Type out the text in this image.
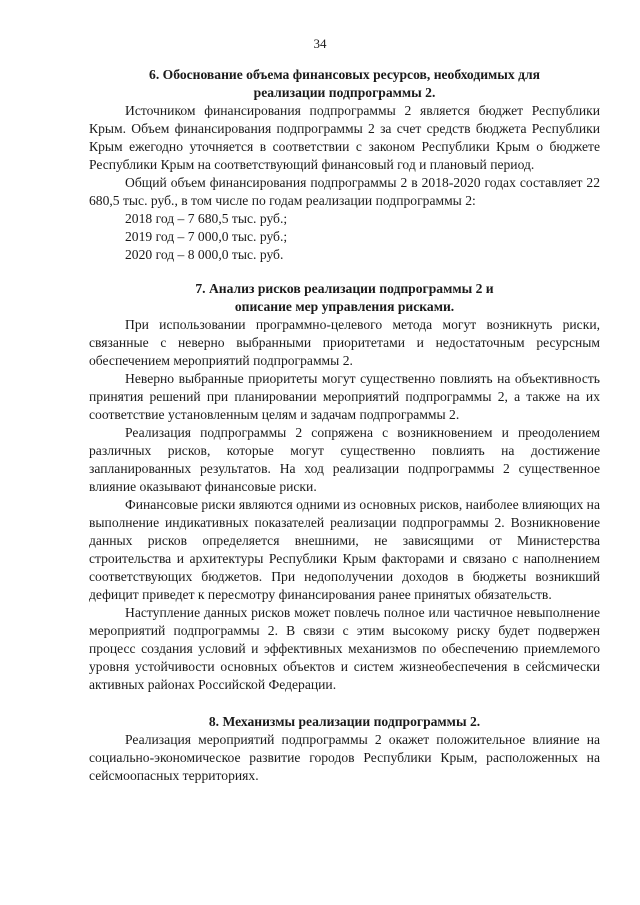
34
6. Обоснование объема финансовых ресурсов, необходимых для
реализации подпрограммы 2.

Источником финансирования подпрограммы 2 является бюджет Республики Крым. Объем финансирования подпрограммы 2 за счет средств бюджета Республики Крым ежегодно уточняется в соответствии с законом Республики Крым о бюджете Республики Крым на соответствующий финансовый год и плановый период.

Общий объем финансирования подпрограммы 2 в 2018-2020 годах составляет 22 680,5 тыс. руб., в том числе по годам реализации подпрограммы 2:

2018 год – 7 680,5 тыс. руб.;
2019 год – 7 000,0 тыс. руб.;
2020 год – 8 000,0 тыс. руб.
7. Анализ рисков реализации подпрограммы 2 и
описание мер управления рисками.

При использовании программно-целевого метода могут возникнуть риски, связанные с неверно выбранными приоритетами и недостаточным ресурсным обеспечением мероприятий подпрограммы 2.

Неверно выбранные приоритеты могут существенно повлиять на объективность принятия решений при планировании мероприятий подпрограммы 2, а также на их соответствие установленным целям и задачам подпрограммы 2.

Реализация подпрограммы 2 сопряжена с возникновением и преодолением различных рисков, которые могут существенно повлиять на достижение запланированных результатов. На ход реализации подпрограммы 2 существенное влияние оказывают финансовые риски.

Финансовые риски являются одними из основных рисков, наиболее влияющих на выполнение индикативных показателей реализации подпрограммы 2. Возникновение данных рисков определяется внешними, не зависящими от Министерства строительства и архитектуры Республики Крым факторами и связано с наполнением соответствующих бюджетов. При недополучении доходов в бюджеты возникший дефицит приведет к пересмотру финансирования ранее принятых обязательств.

Наступление данных рисков может повлечь полное или частичное невыполнение мероприятий подпрограммы 2. В связи с этим высокому риску будет подвержен процесс создания условий и эффективных механизмов по обеспечению приемлемого уровня устойчивости основных объектов и систем жизнеобеспечения в сейсмически активных районах Российской Федерации.

8. Механизмы реализации подпрограммы 2.

Реализация мероприятий подпрограммы 2 окажет положительное влияние на социально-экономическое развитие городов Республики Крым, расположенных на сейсмоопасных территориях.
